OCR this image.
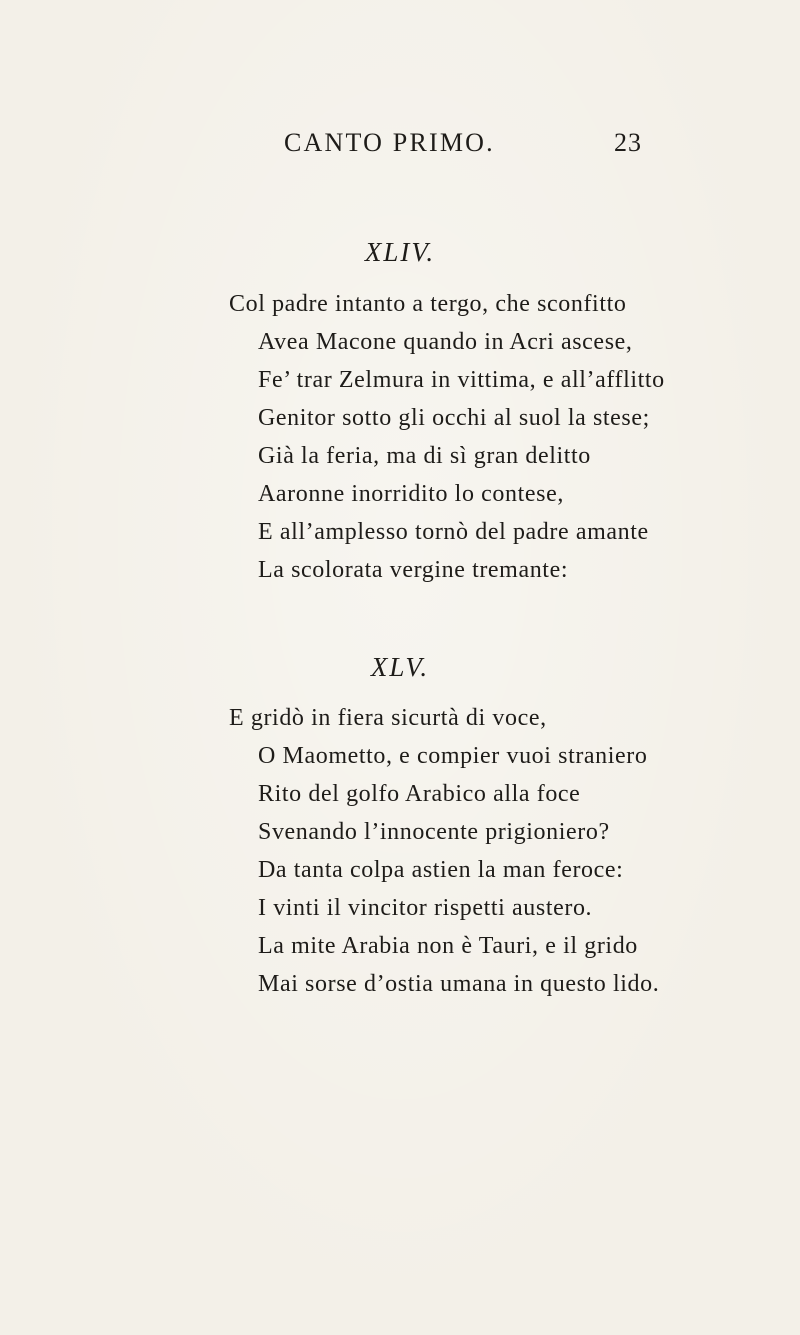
CANTO PRIMO.	23
XLIV.
Col padre intanto a tergo, che sconfitto
Avea Macone quando in Acri ascese,
Fe’ trar Zelmura in vittima, e all’afflitto
Genitor sotto gli occhi al suol la stese;
Già la feria, ma di sì gran delitto
Aaronne inorridito lo contese,
E all’amplesso tornò del padre amante
La scolorata vergine tremante:
XLV.
E gridò in fiera sicurtà di voce,
O Maometto, e compier vuoi straniero
Rito del golfo Arabico alla foce
Svenando l’innocente prigioniero?
Da tanta colpa astien la man feroce:
I vinti il vincitor rispetti austero.
La mite Arabia non è Tauri, e il grido
Mai sorse d’ostia umana in questo lido.
